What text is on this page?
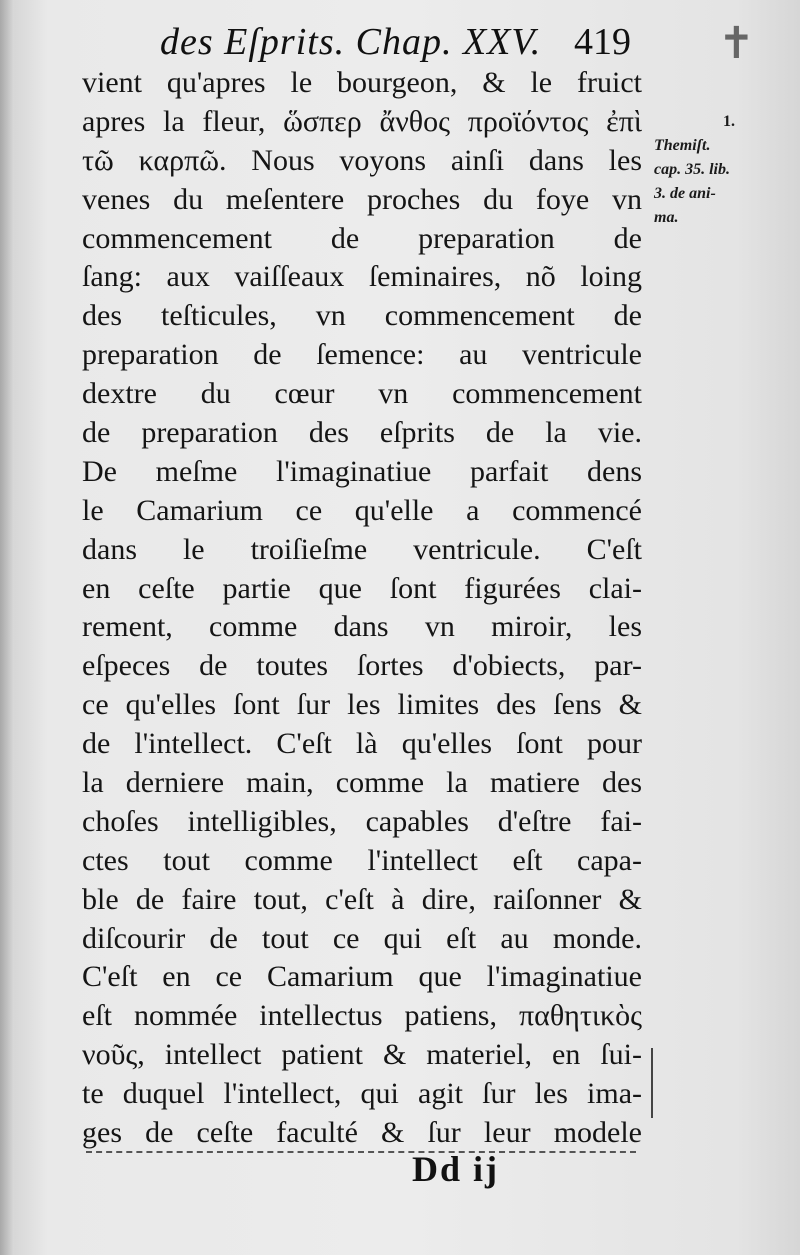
✝
des Eſprits. Chap. XXV. 419
vient qu'apres le bourgeon, & le fruict
apres la fleur, ὥσπερ ἄνθος προϊόντος ἐπὶ
τῶ καρπῶ. Nous voyons ainſi dans les
venes du meſentere proches du foye vn
commencement de preparation de
ſang: aux vaiſſeaux ſeminaires, nõ loing
des teſticules, vn commencement de
preparation de ſemence: au ventricule
dextre du cœur vn commencement
de preparation des eſprits de la vie.
De meſme l'imaginatiue parfait dens
le Camarium ce qu'elle a commencé
dans le troiſieſme ventricule. C'eſt
en ceſte partie que ſont figurées clai-
rement, comme dans vn miroir, les
eſpeces de toutes ſortes d'obiects, par-
ce qu'elles ſont ſur les limites des ſens &
de l'intellect. C'eſt là qu'elles ſont pour
la derniere main, comme la matiere des
choſes intelligibles, capables d'eſtre fai-
ctes tout comme l'intellect eſt capa-
ble de faire tout, c'eſt à dire, raiſonner &
diſcourir de tout ce qui eſt au monde.
C'eſt en ce Camarium que l'imaginatiue
eſt nommée intellectus patiens, παθητικὸς
νοῦς, intellect patient & materiel, en ſui-
te duquel l'intellect, qui agit ſur les ima-
ges de ceſte faculté & ſur leur modele
1.
Themiſt.
cap. 35. lib.
3. de ani-
ma.
Dd ij
